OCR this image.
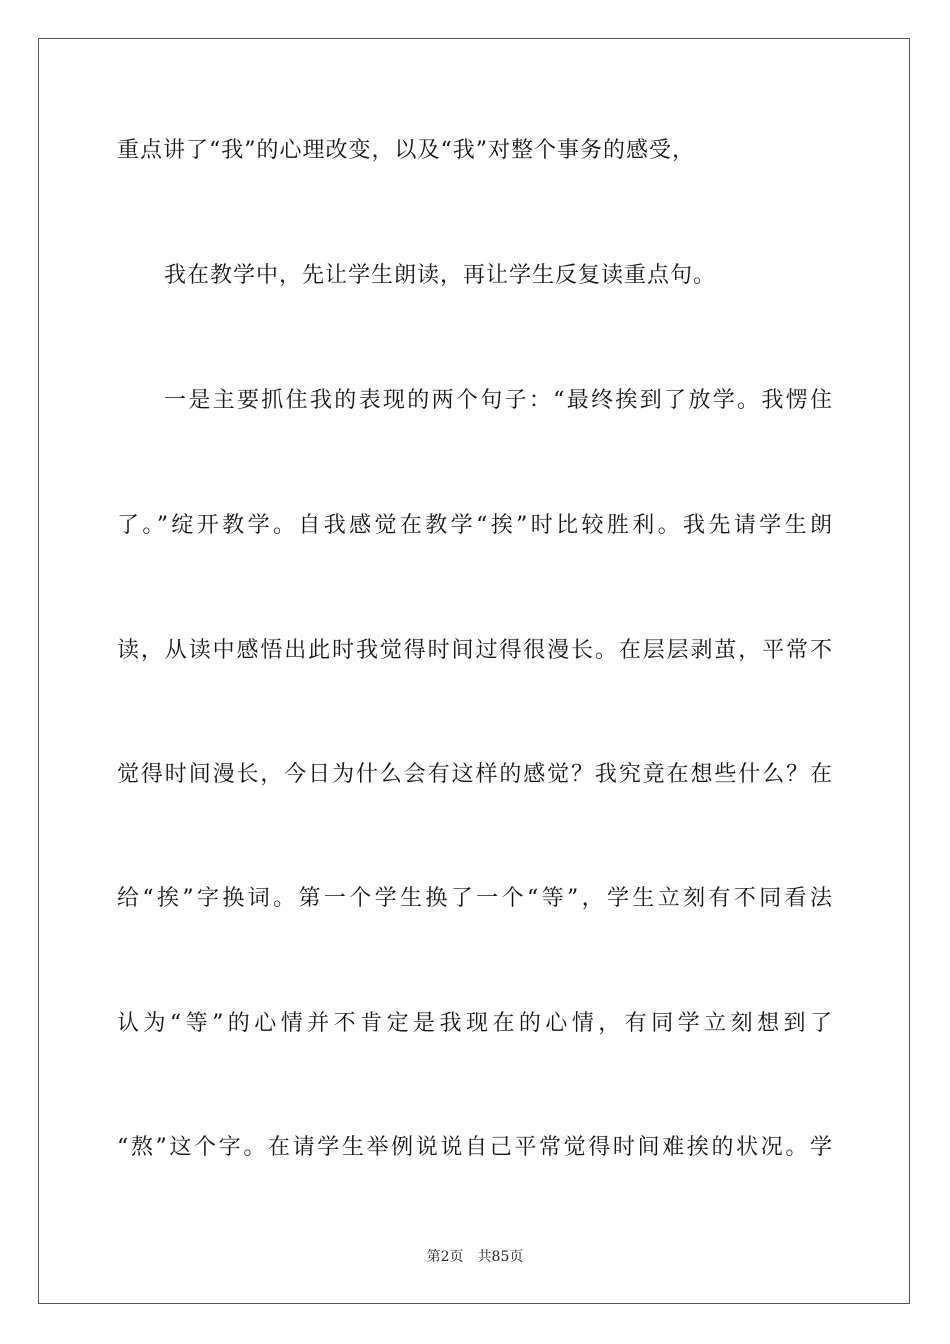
重点讲了“我”的心理改变，以及“我”对整个事务的感受，
我在教学中，先让学生朗读，再让学生反复读重点句。
一是主要抓住我的表现的两个句子：“最终挨到了放学。我愣住
了。”绽开教学。自我感觉在教学“挨”时比较胜利。我先请学生朗
读，从读中感悟出此时我觉得时间过得很漫长。在层层剥茧，平常不
觉得时间漫长，今日为什么会有这样的感觉？我究竟在想些什么？在
给“挨”字换词。第一个学生换了一个“等”，学生立刻有不同看法
认为“等”的心情并不肯定是我现在的心情，有同学立刻想到了
“熬”这个字。在请学生举例说说自己平常觉得时间难挨的状况。学
第2页 共85页
